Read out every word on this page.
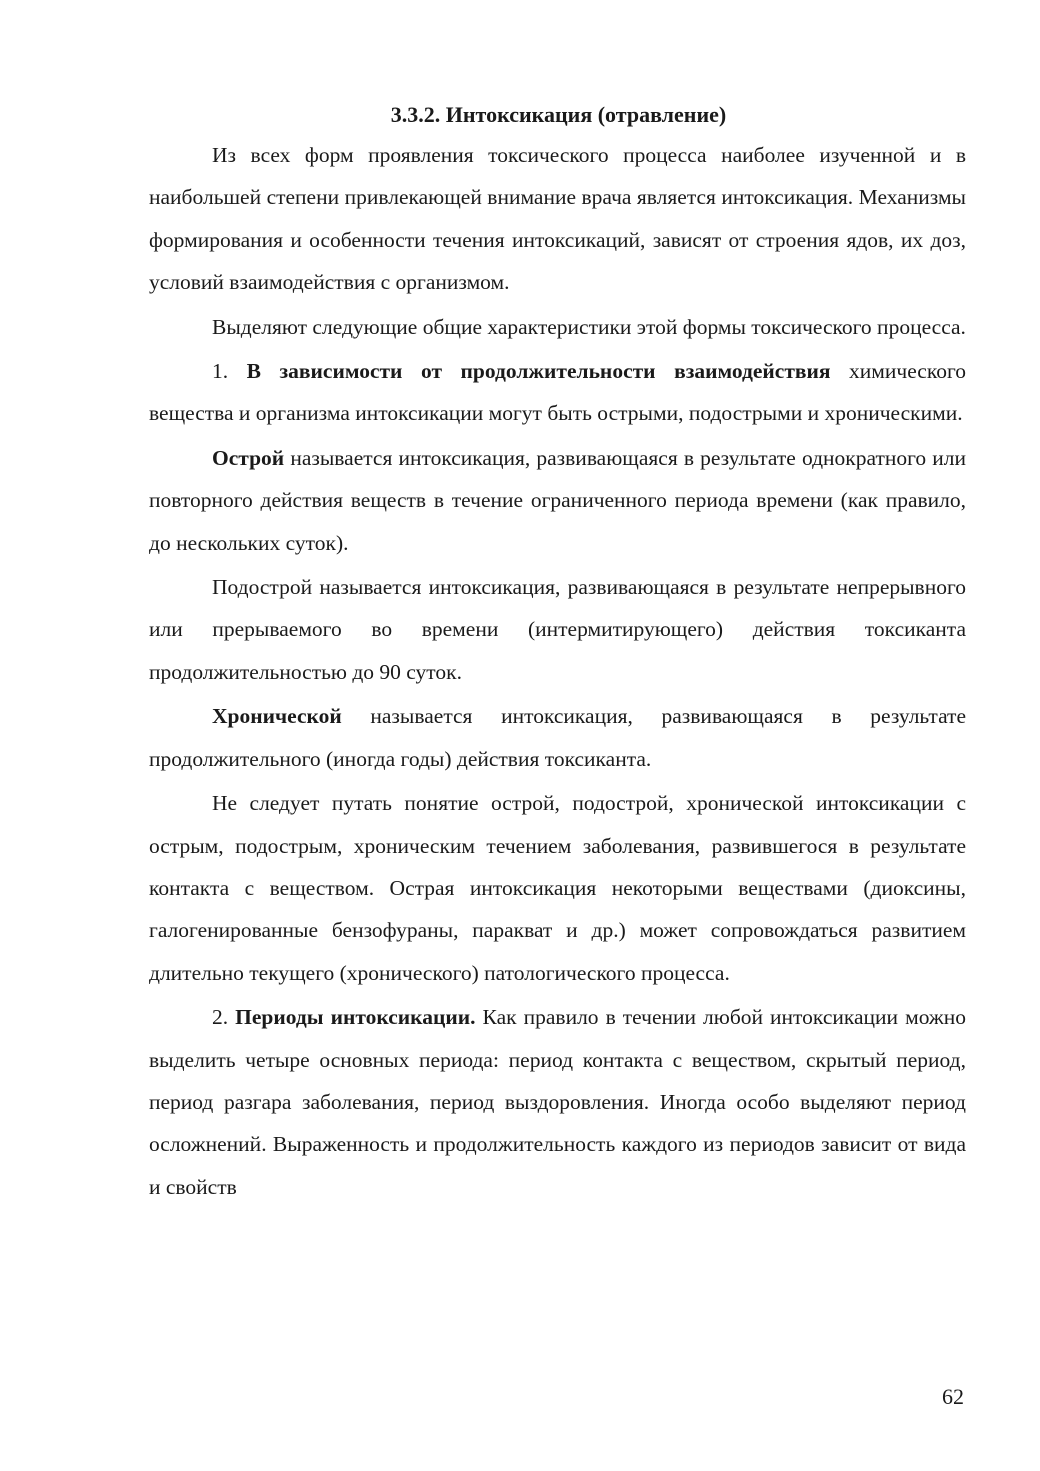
3.3.2. Интоксикация (отравление)

Из всех форм проявления токсического процесса наиболее изученной и в наибольшей степени привлекающей внимание врача является интоксикация. Механизмы формирования и особенности течения интоксикаций, зависят от строения ядов, их доз, условий взаимодействия с организмом.

Выделяют следующие общие характеристики этой формы токсического процесса.

1. В зависимости от продолжительности взаимодействия химического вещества и организма интоксикации могут быть острыми, подострыми и хроническими.

Острой называется интоксикация, развивающаяся в результате однократного или повторного действия веществ в течение ограниченного периода времени (как правило, до нескольких суток).

Подострой называется интоксикация, развивающаяся в результате непрерывного или прерываемого во времени (интермитирующего) действия токсиканта продолжительностью до 90 суток.

Хронической называется интоксикация, развивающаяся в результате продолжительного (иногда годы) действия токсиканта.

Не следует путать понятие острой, подострой, хронической интоксикации с острым, подострым, хроническим течением заболевания, развившегося в результате контакта с веществом. Острая интоксикация некоторыми веществами (диоксины, галогенированные бензофураны, паракват и др.) может сопровождаться развитием длительно текущего (хронического) патологического процесса.

2. Периоды интоксикации. Как правило в течении любой интоксикации можно выделить четыре основных периода: период контакта с веществом, скрытый период, период разгара заболевания, период выздоровления. Иногда особо выделяют период осложнений. Выраженность и продолжительность каждого из периодов зависит от вида и свойств

62
